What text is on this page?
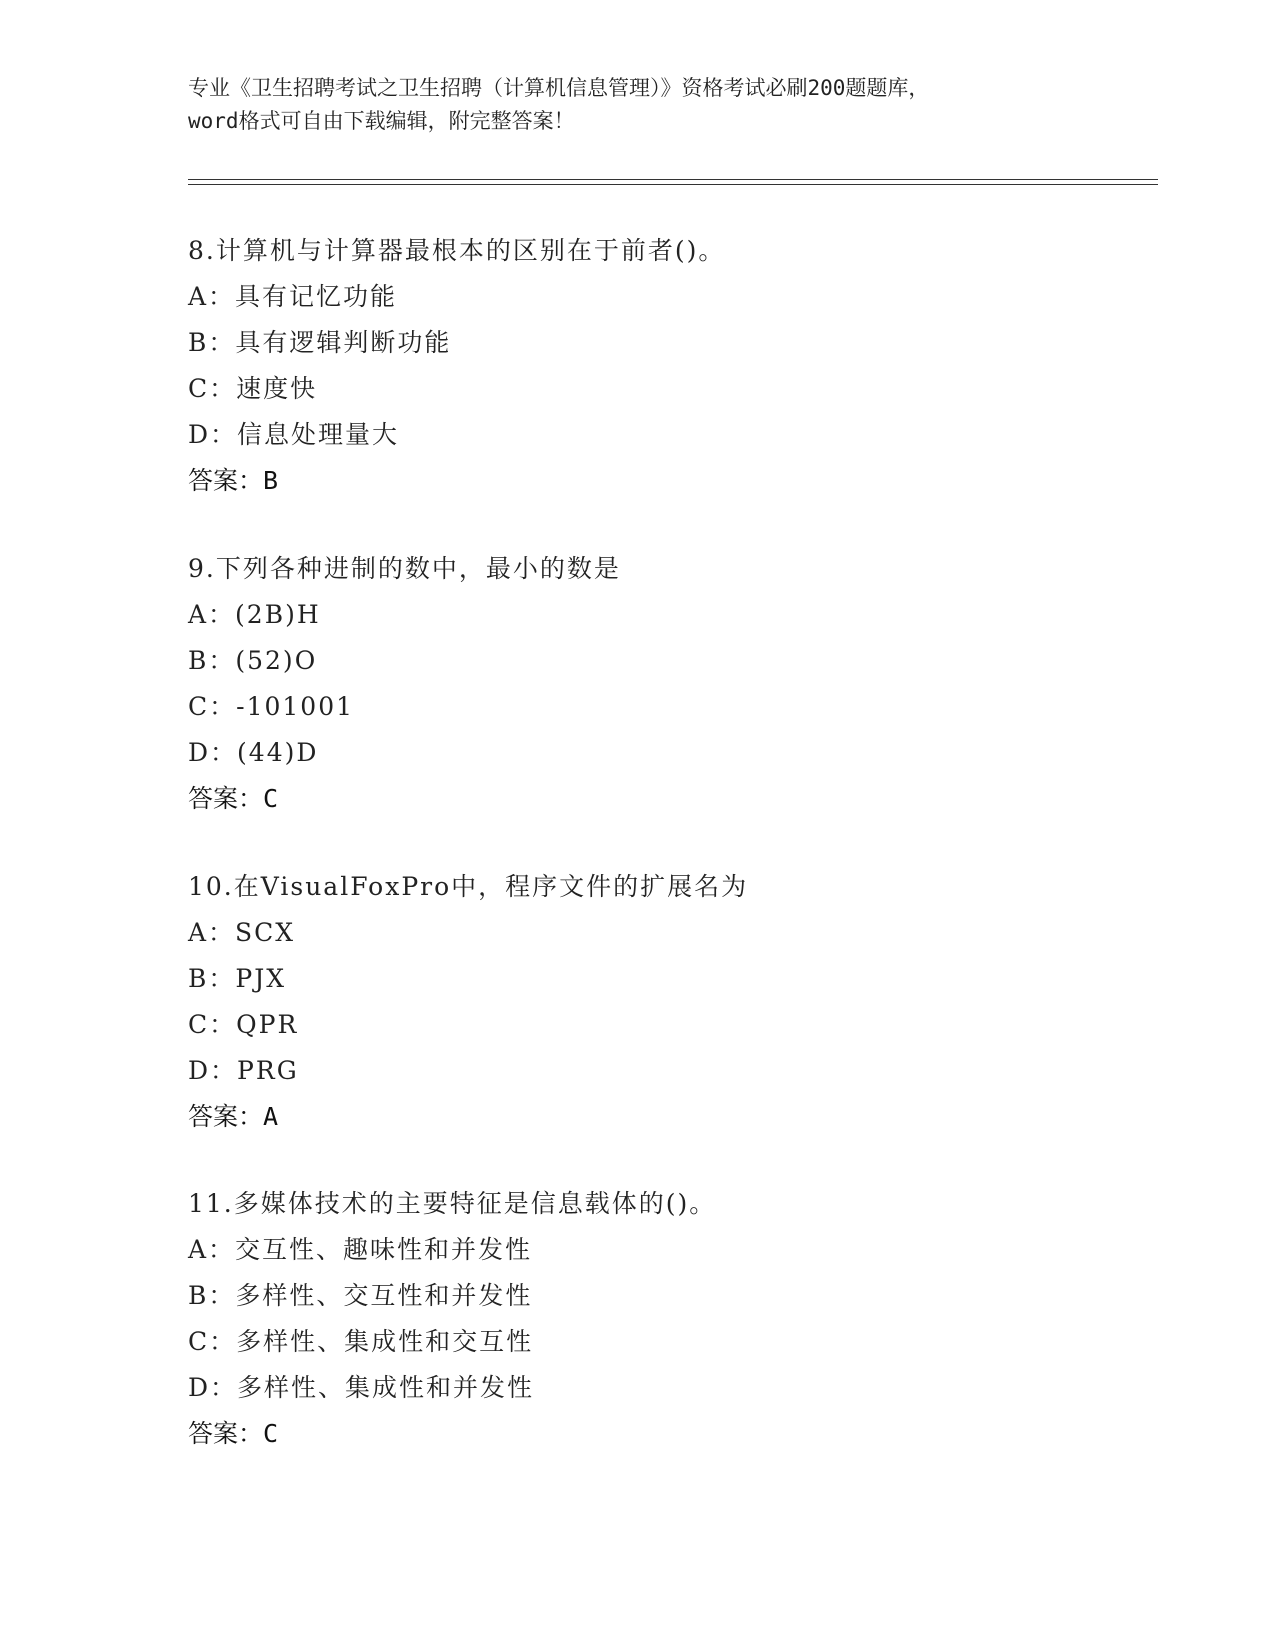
专业《卫生招聘考试之卫生招聘（计算机信息管理）》资格考试必刷200题题库，
word格式可自由下载编辑，附完整答案！
8.计算机与计算器最根本的区别在于前者()。
A：具有记忆功能
B：具有逻辑判断功能
C：速度快
D：信息处理量大
答案：B
9.下列各种进制的数中，最小的数是
A：(2B)H
B：(52)O
C：-101001
D：(44)D
答案：C
10.在VisualFoxPro中，程序文件的扩展名为
A：SCX
B：PJX
C：QPR
D：PRG
答案：A
11.多媒体技术的主要特征是信息载体的()。
A：交互性、趣味性和并发性
B：多样性、交互性和并发性
C：多样性、集成性和交互性
D：多样性、集成性和并发性
答案：C
